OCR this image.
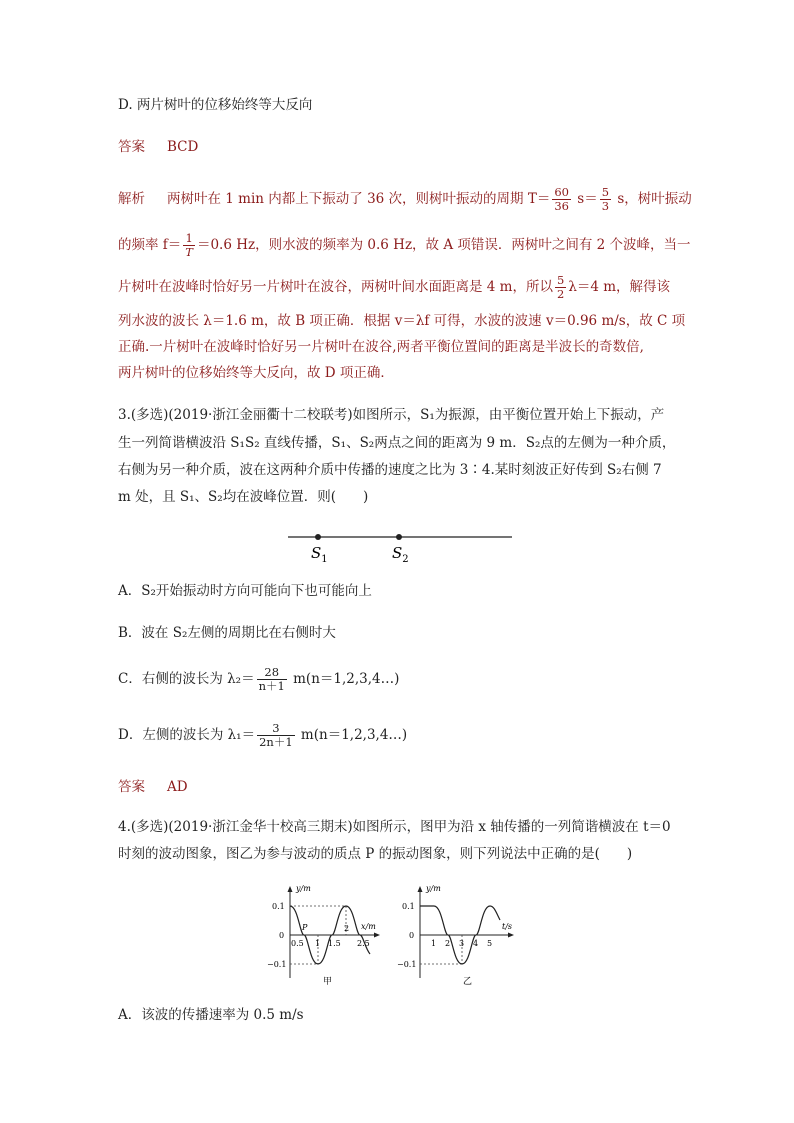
D. 两片树叶的位移始终等大反向
答案 BCD
解析 两树叶在 1 min 内都上下振动了 36 次，则树叶振动的周期 $T= \frac{60}{36} s= \frac{5}{3}$ s，树叶振动
的频率 $f= \frac{1}{T} =0.6$ Hz，则水波的频率为 0.6 Hz，故 A 项错误．两树叶之间有 2 个波峰，当一
片树叶在波峰时恰好另一片树叶在波谷，两树叶间水面距离是 4 m，所以 $\frac{5}{2} \lambda=4$ m，解得该
列水波的波长 λ＝1.6 m，故 B 项正确．根据 v＝λf 可得，水波的波速 v＝0.96 m/s，故 C 项
正确.一片树叶在波峰时恰好另一片树叶在波谷,两者平衡位置间的距离是半波长的奇数倍,
两片树叶的位移始终等大反向，故 D 项正确．
3.(多选)(2019·浙江金丽衢十二校联考)如图所示，S₁为振源，由平衡位置开始上下振动，产
生一列简谐横波沿 S₁S₂ 直线传播，S₁、S₂两点之间的距离为 9 m．S₂点的左侧为一种介质，
右侧为另一种介质，波在这两种介质中传播的速度之比为 3∶4.某时刻波正好传到 S₂右侧 7
m 处，且 S₁、S₂均在波峰位置．则(　　)
$S_1$	$S_2$
A．S₂开始振动时方向可能向下也可能向上
B．波在 S₂左侧的周期比在右侧时大
C．右侧的波长为 $\lambda_2= \frac{28}{n+1}$ m(n＝1,2,3,4…)
D．左侧的波长为 $\lambda_1= \frac{3}{2n+1}$ m(n＝1,2,3,4…)
答案 AD
4.(多选)(2019·浙江金华十校高三期末)如图所示，图甲为沿 x 轴传播的一列简谐横波在 t＝0
时刻的波动图象，图乙为参与波动的质点 P 的振动图象，则下列说法中正确的是(　　)
y/m
x/m
0.1
0
−0.1
P
0.5 1 1.5 2.5
2
甲
y/m
t/s
0.1
0
−0.1
1 2 3 4 5
乙
A．该波的传播速率为 0.5 m/s
